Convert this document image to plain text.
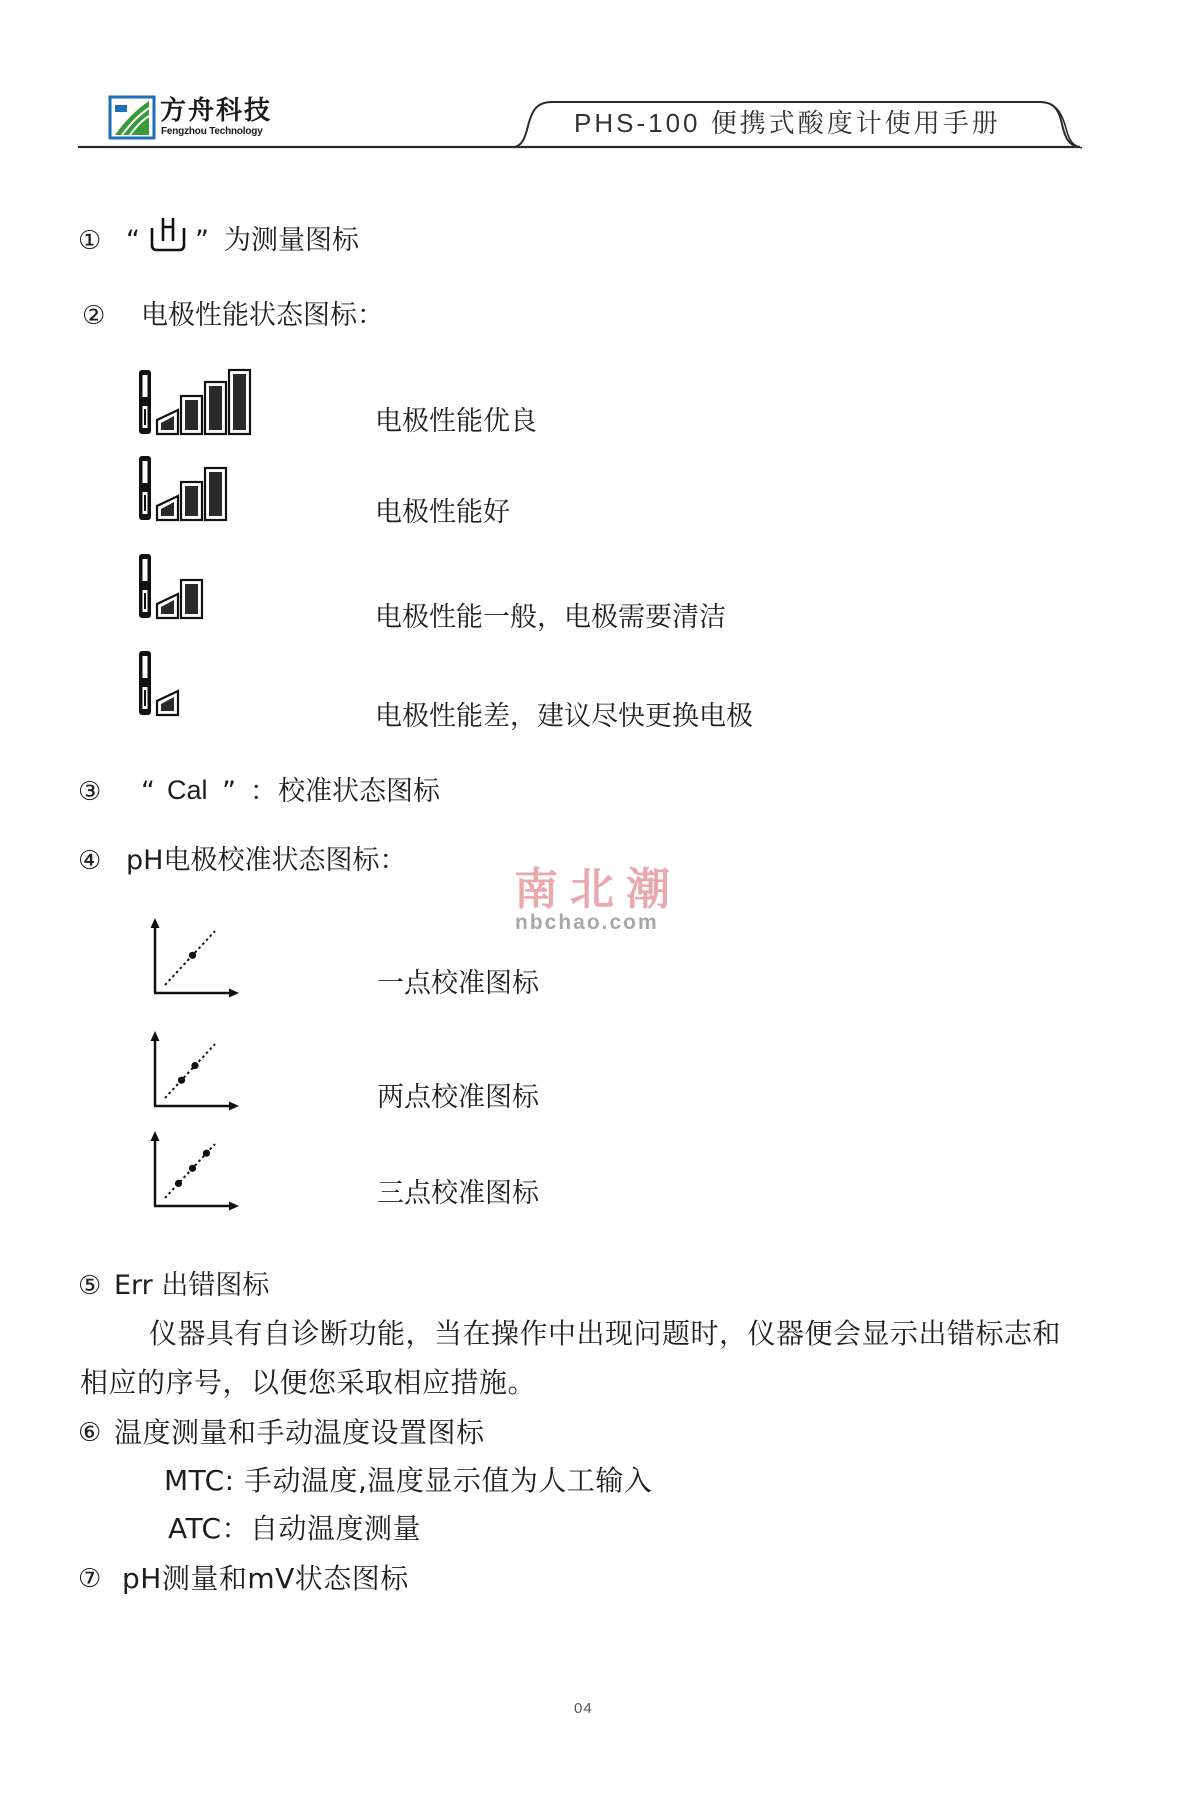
方舟科技
Fengzhou Technology	PHS-100 便携式酸度计使用手册
① “ ” 为测量图标
② 电极性能状态图标：
电极性能优良
电极性能好
电极性能一般，电极需要清洁
电极性能差，建议尽快更换电极
③ “ Cal ” ： 校准状态图标
④ pH电极校准状态图标：
一点校准图标
两点校准图标
三点校准图标
南北潮
nbchao.com
⑤ Err 出错图标
仪器具有自诊断功能，当在操作中出现问题时，仪器便会显示出错标志和
相应的序号，以便您采取相应措施。
⑥ 温度测量和手动温度设置图标
MTC: 手动温度,温度显示值为人工输入
ATC：自动温度测量
⑦ pH测量和mV状态图标
04
